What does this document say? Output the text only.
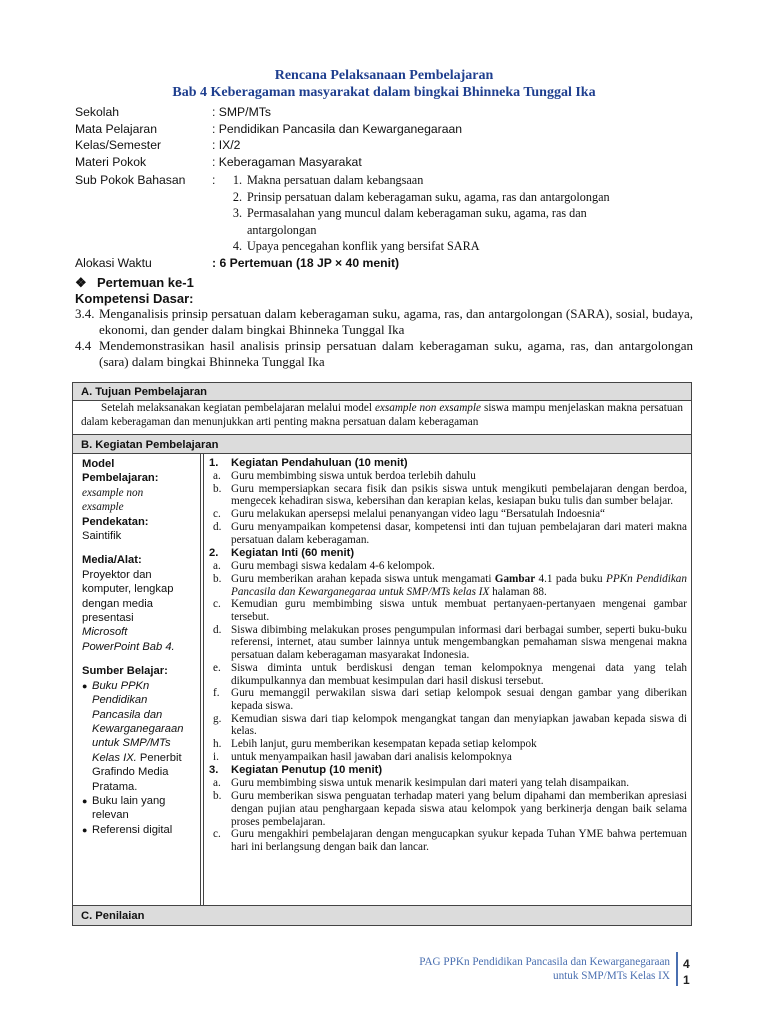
Rencana Pelaksanaan Pembelajaran
Bab 4 Keberagaman masyarakat dalam bingkai Bhinneka Tunggal Ika
Sekolah	: SMP/MTs
Mata Pelajaran	: Pendidikan Pancasila dan Kewarganegaraan
Kelas/Semester	: IX/2
Materi Pokok	: Keberagaman Masyarakat
Sub Pokok Bahasan	:	1. Makna persatuan dalam kebangsaan
2. Prinsip persatuan dalam keberagaman suku, agama, ras dan antargolongan
3. Permasalahan yang muncul dalam keberagaman suku, agama, ras dan
antargolongan
4. Upaya pencegahan konflik yang bersifat SARA
Alokasi Waktu	: 6 Pertemuan (18 JP × 40 menit)
❖ Pertemuan ke-1
Kompetensi Dasar:
3.4. Menganalisis prinsip persatuan dalam keberagaman suku, agama, ras, dan antargolongan (SARA), sosial, budaya, ekonomi, dan gender dalam bingkai Bhinneka Tunggal Ika
4.4 Mendemonstrasikan hasil analisis prinsip persatuan dalam keberagaman suku, agama, ras, dan antargolongan (sara) dalam bingkai Bhinneka Tunggal Ika
A. Tujuan Pembelajaran
Setelah melaksanakan kegiatan pembelajaran melalui model exsample non exsample siswa mampu menjelaskan makna persatuan dalam keberagaman dan menunjukkan arti penting makna persatuan dalam keberagaman
B. Kegiatan Pembelajaran
Model
Pembelajaran:
exsample non
exsample
Pendekatan:
Saintifik
Media/Alat:
Proyektor dan
komputer, lengkap
dengan media
presentasi
Microsoft
PowerPoint Bab 4.
Sumber Belajar:
● Buku PPKn
Pendidikan
Pancasila dan
Kewarganegaraan
untuk SMP/MTs
Kelas IX. Penerbit
Grafindo Media
Pratama.
● Buku lain yang
relevan
● Referensi digital
1.	Kegiatan Pendahuluan (10 menit)
a. Guru membimbing siswa untuk berdoa terlebih dahulu
b. Guru mempersiapkan secara fisik dan psikis siswa untuk mengikuti pembelajaran dengan berdoa, mengecek kehadiran siswa, kebersihan dan kerapian kelas, kesiapan buku tulis dan sumber belajar.
c. Guru melakukan apersepsi melalui penanyangan video lagu “Bersatulah Indoesnia“
d. Guru menyampaikan kompetensi dasar, kompetensi inti dan tujuan pembelajaran dari materi makna persatuan dalam keberagaman.
2.	Kegiatan Inti (60 menit)
a. Guru membagi siswa kedalam 4-6 kelompok.
b. Guru memberikan arahan kepada siswa untuk mengamati Gambar 4.1 pada buku PPKn Pendidikan Pancasila dan Kewarganegaraa untuk SMP/MTs kelas IX halaman 88.
c. Kemudian guru membimbing siswa untuk membuat pertanyaen-pertanyaen mengenai gambar tersebut.
d. Siswa dibimbing melakukan proses pengumpulan informasi dari berbagai sumber, seperti buku-buku referensi, internet, atau sumber lainnya untuk mengembangkan pemahaman siswa mengenai makna persatuan dalam keberagaman masyarakat Indonesia.
e. Siswa diminta untuk berdiskusi dengan teman kelompoknya mengenai data yang telah dikumpulkannya dan membuat kesimpulan dari hasil diskusi tersebut.
f.	Guru memanggil perwakilan siswa dari setiap kelompok sesuai dengan gambar yang diberikan kepada siswa.
g. Kemudian siswa dari tiap kelompok mengangkat tangan dan menyiapkan jawaban kepada siswa di kelas.
h. Lebih lanjut, guru memberikan kesempatan kepada setiap kelompok
i.	untuk menyampaikan hasil jawaban dari analisis kelompoknya
3.	Kegiatan Penutup (10 menit)
a. Guru membimbing siswa untuk menarik kesimpulan dari materi yang telah disampaikan.
b. Guru memberikan siswa penguatan terhadap materi yang belum dipahami dan memberikan apresiasi dengan pujian atau penghargaan kepada siswa atau kelompok yang berkinerja dengan baik selama proses pembelajaran.
c. Guru mengakhiri pembelajaran dengan mengucapkan syukur kepada Tuhan YME bahwa pertemuan hari ini berlangsung dengan baik dan lancar.
C. Penilaian
PAG PPKn Pendidikan Pancasila dan Kewarganegaraan
untuk SMP/MTs Kelas IX
4
1
